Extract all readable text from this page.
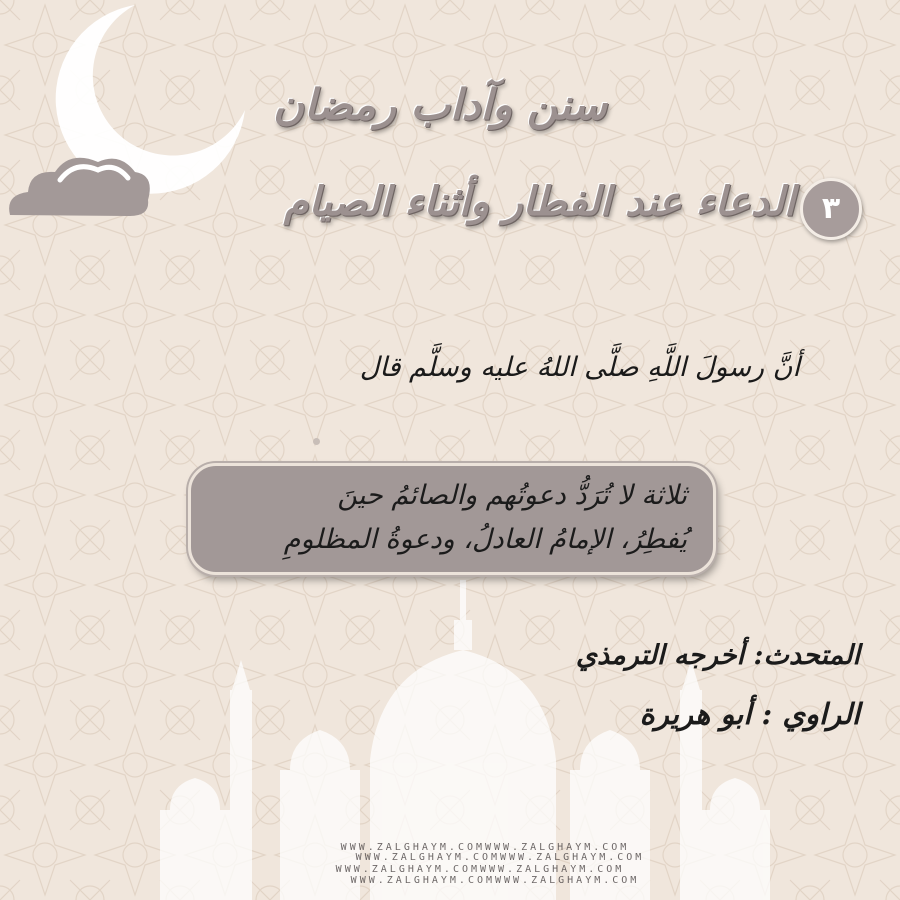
سنن وآداب رمضان
٣
الدعاء عند الفطار وأثناء الصيام
أنَّ رسولَ اللَّهِ صلَّى اللهُ عليه وسلَّم قال
ثلاثة لا تُرَدُّ دعوتُهم والصائمُ حينَ
يُفطِرُ، الإمامُ العادلُ، ودعوةُ المظلومِ
المتحدث: أخرجه الترمذي
الراوي : أبو هريرة
WWW.ZALGHAYM.COMWWW.ZALGHAYM.COM
WWW.ZALGHAYM.COMWWW.ZALGHAYM.COM
WWW.ZALGHAYM.COMWWW.ZALGHAYM.COM
WWW.ZALGHAYM.COMWWW.ZALGHAYM.COM
